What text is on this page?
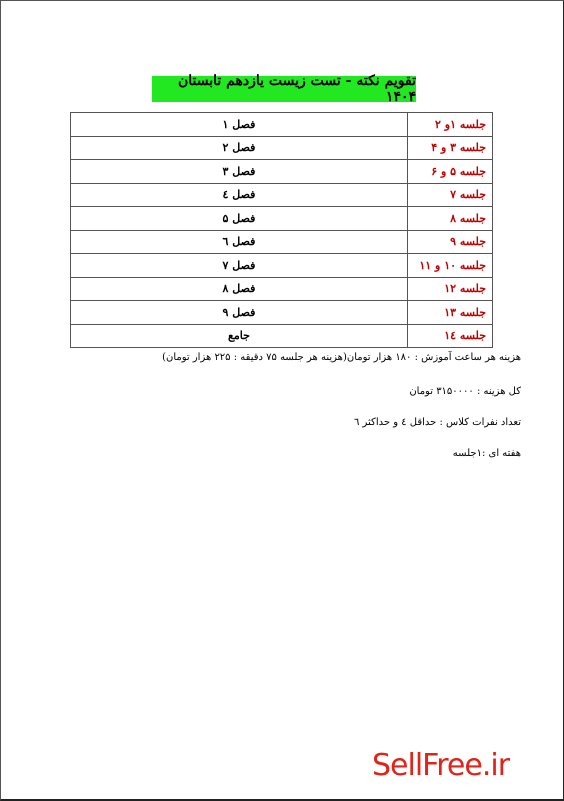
تقویم نکته - تست زیست یازدهم تابستان ۱۴۰۴
جلسه ۱و ۲	فصل ۱
جلسه ۳ و ۴	فصل ۲
جلسه ۵ و ۶	فصل ۳
جلسه ۷	فصل ٤
جلسه ۸	فصل ۵
جلسه ۹	فصل ٦
جلسه ۱۰ و ۱۱	فصل ۷
جلسه ۱۲	فصل ۸
جلسه ۱۳	فصل ۹
جلسه ۱٤	جامع
هزینه هر ساعت آموزش : ۱۸۰ هزار تومان(هزینه هر جلسه ۷۵ دقیقه : ۲۲۵ هزار تومان)
کل هزینه : ۳۱۵۰۰۰۰ تومان
تعداد نفرات کلاس : حداقل ٤ و حداکثر ٦
هفته ای :۱جلسه
SellFree.ir
